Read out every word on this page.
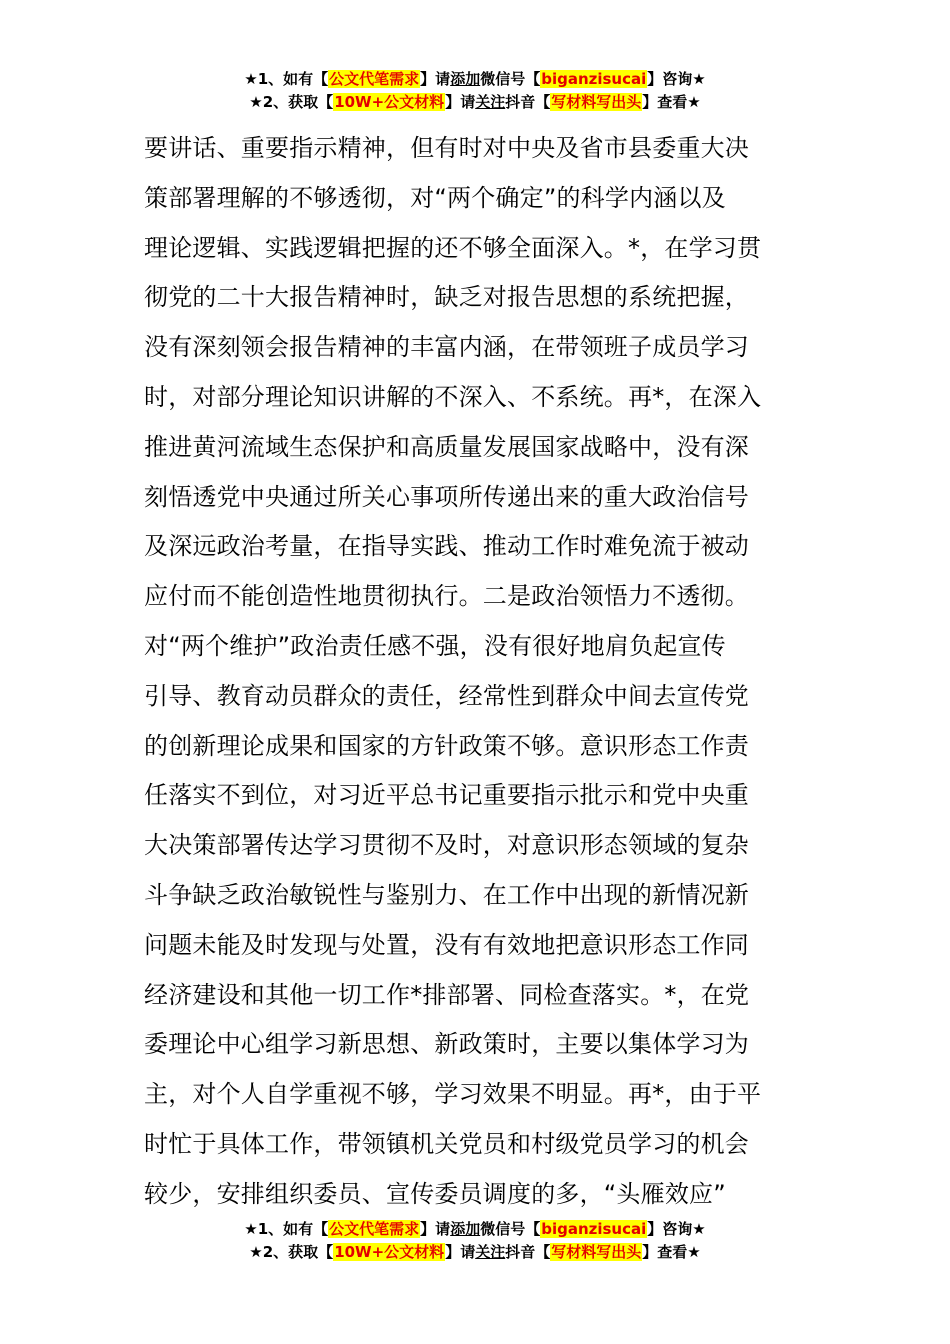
★1、如有【公文代笔需求】请添加微信号【biganzisucai】咨询★
★2、获取【10W+公文材料】请关注抖音【写材料写出头】查看★
要讲话、重要指示精神，但有时对中央及省市县委重大决
策部署理解的不够透彻，对“两个确定”的科学内涵以及
理论逻辑、实践逻辑把握的还不够全面深入。*，在学习贯
彻党的二十大报告精神时，缺乏对报告思想的系统把握，
没有深刻领会报告精神的丰富内涵，在带领班子成员学习
时，对部分理论知识讲解的不深入、不系统。再*，在深入
推进黄河流域生态保护和高质量发展国家战略中，没有深
刻悟透党中央通过所关心事项所传递出来的重大政治信号
及深远政治考量，在指导实践、推动工作时难免流于被动
应付而不能创造性地贯彻执行。二是政治领悟力不透彻。
对“两个维护”政治责任感不强，没有很好地肩负起宣传
引导、教育动员群众的责任，经常性到群众中间去宣传党
的创新理论成果和国家的方针政策不够。意识形态工作责
任落实不到位，对习近平总书记重要指示批示和党中央重
大决策部署传达学习贯彻不及时，对意识形态领域的复杂
斗争缺乏政治敏锐性与鉴别力、在工作中出现的新情况新
问题未能及时发现与处置，没有有效地把意识形态工作同
经济建设和其他一切工作*排部署、同检查落实。*，在党
委理论中心组学习新思想、新政策时，主要以集体学习为
主，对个人自学重视不够，学习效果不明显。再*，由于平
时忙于具体工作，带领镇机关党员和村级党员学习的机会
较少，安排组织委员、宣传委员调度的多，“头雁效应”
★1、如有【公文代笔需求】请添加微信号【biganzisucai】咨询★
★2、获取【10W+公文材料】请关注抖音【写材料写出头】查看★
